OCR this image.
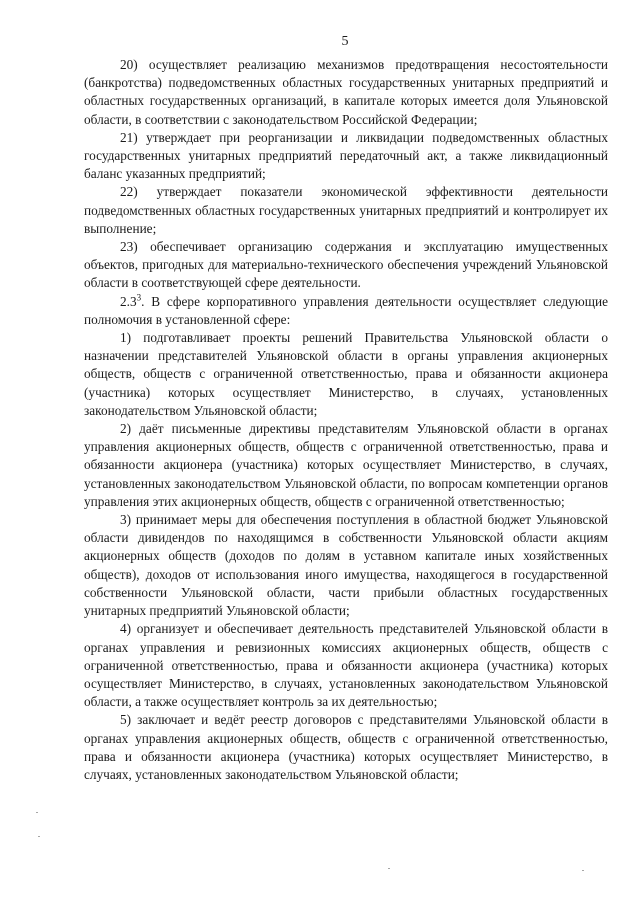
5

20) осуществляет реализацию механизмов предотвращения несостоятельности (банкротства) подведомственных областных государственных унитарных предприятий и областных государственных организаций, в капитале которых имеется доля Ульяновской области, в соответствии с законодательством Российской Федерации;

21) утверждает при реорганизации и ликвидации подведомственных областных государственных унитарных предприятий передаточный акт, а также ликвидационный баланс указанных предприятий;

22) утверждает показатели экономической эффективности деятельности подведомственных областных государственных унитарных предприятий и контролирует их выполнение;

23) обеспечивает организацию содержания и эксплуатацию имущественных объектов, пригодных для материально-технического обеспечения учреждений Ульяновской области в соответствующей сфере деятельности.

$2.3^3$. В сфере корпоративного управления деятельности осуществляет следующие полномочия в установленной сфере:

1) подготавливает проекты решений Правительства Ульяновской области о назначении представителей Ульяновской области в органы управления акционерных обществ, обществ с ограниченной ответственностью, права и обязанности акционера (участника) которых осуществляет Министерство, в случаях, установленных законодательством Ульяновской области;

2) даёт письменные директивы представителям Ульяновской области в органах управления акционерных обществ, обществ с ограниченной ответственностью, права и обязанности акционера (участника) которых осуществляет Министерство, в случаях, установленных законодательством Ульяновской области, по вопросам компетенции органов управления этих акционерных обществ, обществ с ограниченной ответственностью;

3) принимает меры для обеспечения поступления в областной бюджет Ульяновской области дивидендов по находящимся в собственности Ульяновской области акциям акционерных обществ (доходов по долям в уставном капитале иных хозяйственных обществ), доходов от использования иного имущества, находящегося в государственной собственности Ульяновской области, части прибыли областных государственных унитарных предприятий Ульяновской области;

4) организует и обеспечивает деятельность представителей Ульяновской области в органах управления и ревизионных комиссиях акционерных обществ, обществ с ограниченной ответственностью, права и обязанности акционера (участника) которых осуществляет Министерство, в случаях, установленных законодательством Ульяновской области, а также осуществляет контроль за их деятельностью;

5) заключает и ведёт реестр договоров с представителями Ульяновской области в органах управления акционерных обществ, обществ с ограниченной ответственностью, права и обязанности акционера (участника) которых осуществляет Министерство, в случаях, установленных законодательством Ульяновской области;
